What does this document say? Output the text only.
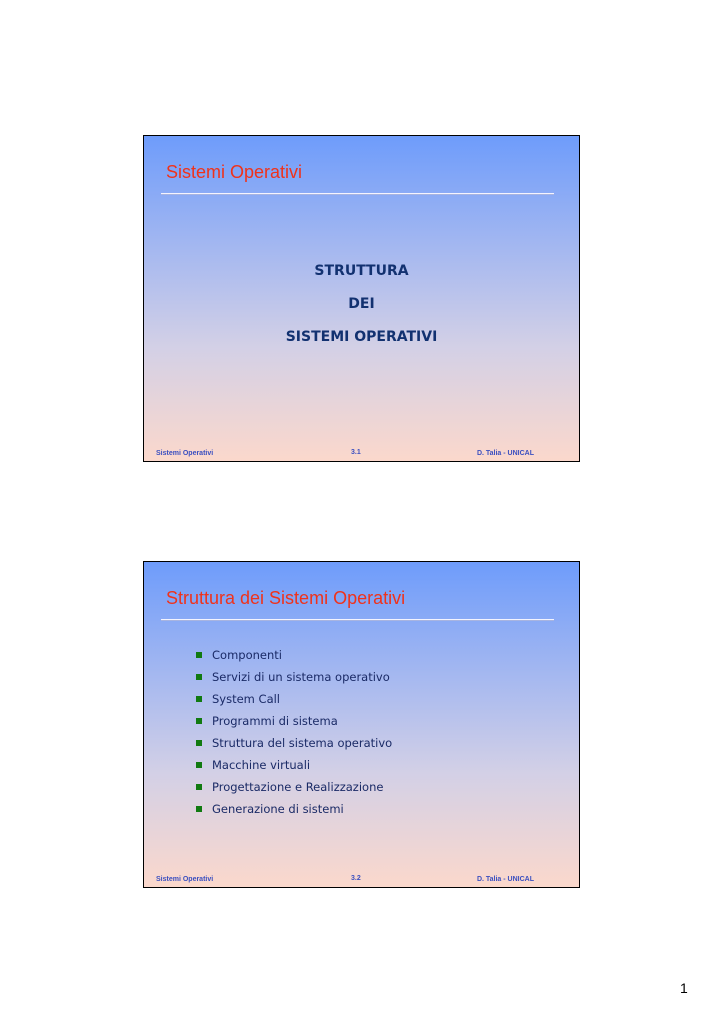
Sistemi Operativi
STRUTTURA
DEI
SISTEMI OPERATIVI
Sistemi Operativi	3.1	D. Talia - UNICAL
Struttura dei Sistemi Operativi
Componenti
Servizi di un sistema operativo
System Call
Programmi di sistema
Struttura del sistema operativo
Macchine virtuali
Progettazione e Realizzazione
Generazione di sistemi
Sistemi Operativi	3.2	D. Talia - UNICAL
1
